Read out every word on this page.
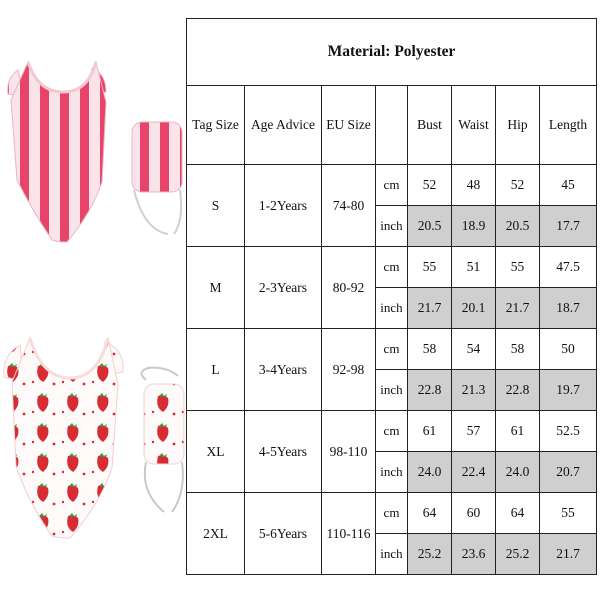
Material: Polyester							
Tag Size	Age Advice	EU Size		Bust	Waist	Hip	Length
S	1-2Years	74-80	cm	52	48	52	45
			inch	20.5	18.9	20.5	17.7
M	2-3Years	80-92	cm	55	51	55	47.5
			inch	21.7	20.1	21.7	18.7
L	3-4Years	92-98	cm	58	54	58	50
			inch	22.8	21.3	22.8	19.7
XL	4-5Years	98-110	cm	61	57	61	52.5
			inch	24.0	22.4	24.0	20.7
2XL	5-6Years	110-116	cm	64	60	64	55
			inch	25.2	23.6	25.2	21.7
